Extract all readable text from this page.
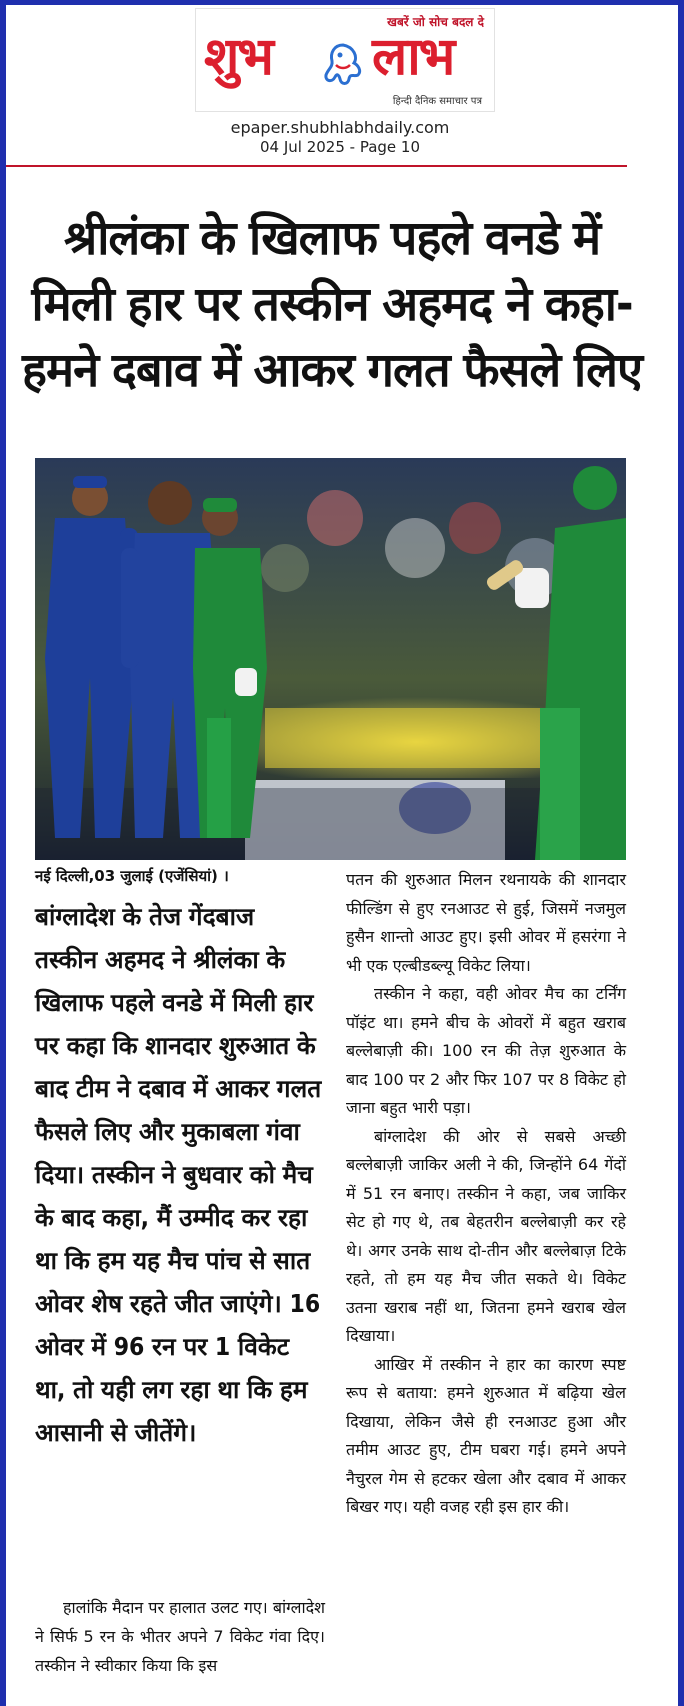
खबरें जो सोच बदल दे
शुभ लाभ
हिन्दी दैनिक समाचार पत्र
epaper.shubhlabhdaily.com
04 Jul 2025 - Page 10
श्रीलंका के खिलाफ पहले वनडे में
मिली हार पर तस्कीन अहमद ने कहा-
हमने दबाव में आकर गलत फैसले लिए
नई दिल्ली,03 जुलाई (एजेंसियां) ।

बांग्लादेश के तेज गेंदबाज तस्कीन अहमद ने श्रीलंका के खिलाफ पहले वनडे में मिली हार पर कहा कि शानदार शुरुआत के बाद टीम ने दबाव में आकर गलत फैसले लिए और मुकाबला गंवा दिया। तस्कीन ने बुधवार को मैच के बाद कहा, मैं उम्मीद कर रहा था कि हम यह मैच पांच से सात ओवर शेष रहते जीत जाएंगे। 16 ओवर में 96 रन पर 1 विकेट था, तो यही लग रहा था कि हम आसानी से जीतेंगे।

हालांकि मैदान पर हालात उलट गए। बांग्लादेश ने सिर्फ 5 रन के भीतर अपने 7 विकेट गंवा दिए। तस्कीन ने स्वीकार किया कि इस

पतन की शुरुआत मिलन रथनायके की शानदार फील्डिंग से हुए रनआउट से हुई, जिसमें नजमुल हुसैन शान्तो आउट हुए। इसी ओवर में हसरंगा ने भी एक एल्बीडब्ल्यू विकेट लिया।

तस्कीन ने कहा, वही ओवर मैच का टर्निंग पॉइंट था। हमने बीच के ओवरों में बहुत खराब बल्लेबाज़ी की। 100 रन की तेज़ शुरुआत के बाद 100 पर 2 और फिर 107 पर 8 विकेट हो जाना बहुत भारी पड़ा।

बांग्लादेश की ओर से सबसे अच्छी बल्लेबाज़ी जाकिर अली ने की, जिन्होंने 64 गेंदों में 51 रन बनाए। तस्कीन ने कहा, जब जाकिर सेट हो गए थे, तब बेहतरीन बल्लेबाज़ी कर रहे थे। अगर उनके साथ दो-तीन और बल्लेबाज़ टिके रहते, तो हम यह मैच जीत सकते थे। विकेट उतना खराब नहीं था, जितना हमने खराब खेल दिखाया।

आखिर में तस्कीन ने हार का कारण स्पष्ट रूप से बताया: हमने शुरुआत में बढ़िया खेल दिखाया, लेकिन जैसे ही रनआउट हुआ और तमीम आउट हुए, टीम घबरा गई। हमने अपने नैचुरल गेम से हटकर खेला और दबाव में आकर बिखर गए। यही वजह रही इस हार की।
